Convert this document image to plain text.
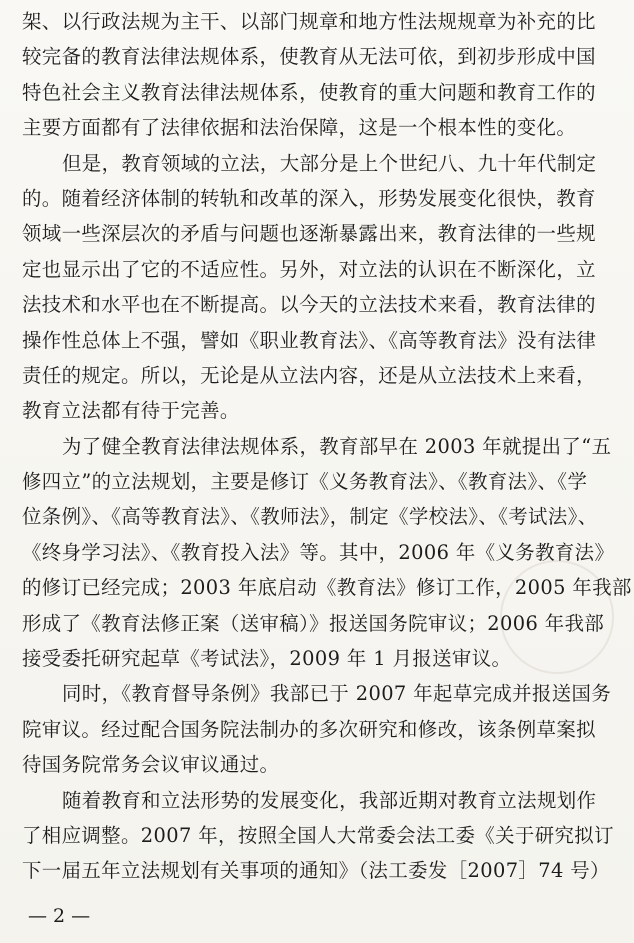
架、以行政法规为主干、以部门规章和地方性法规规章为补充的比
较完备的教育法律法规体系，使教育从无法可依，到初步形成中国
特色社会主义教育法律法规体系，使教育的重大问题和教育工作的
主要方面都有了法律依据和法治保障，这是一个根本性的变化。
但是，教育领域的立法，大部分是上个世纪八、九十年代制定
的。随着经济体制的转轨和改革的深入，形势发展变化很快，教育
领域一些深层次的矛盾与问题也逐渐暴露出来，教育法律的一些规
定也显示出了它的不适应性。另外，对立法的认识在不断深化，立
法技术和水平也在不断提高。以今天的立法技术来看，教育法律的
操作性总体上不强，譬如《职业教育法》、《高等教育法》没有法律
责任的规定。所以，无论是从立法内容，还是从立法技术上来看，
教育立法都有待于完善。
为了健全教育法律法规体系，教育部早在 2003 年就提出了“五
修四立”的立法规划，主要是修订《义务教育法》、《教育法》、《学
位条例》、《高等教育法》、《教师法》，制定《学校法》、《考试法》、
《终身学习法》、《教育投入法》等。其中，2006 年《义务教育法》
的修订已经完成；2003 年底启动《教育法》修订工作，2005 年我部
形成了《教育法修正案（送审稿）》报送国务院审议；2006 年我部
接受委托研究起草《考试法》，2009 年 1 月报送审议。
同时，《教育督导条例》我部已于 2007 年起草完成并报送国务
院审议。经过配合国务院法制办的多次研究和修改，该条例草案拟
待国务院常务会议审议通过。
随着教育和立法形势的发展变化，我部近期对教育立法规划作
了相应调整。2007 年，按照全国人大常委会法工委《关于研究拟订
下一届五年立法规划有关事项的通知》（法工委发［2007］74 号）
— 2 —
